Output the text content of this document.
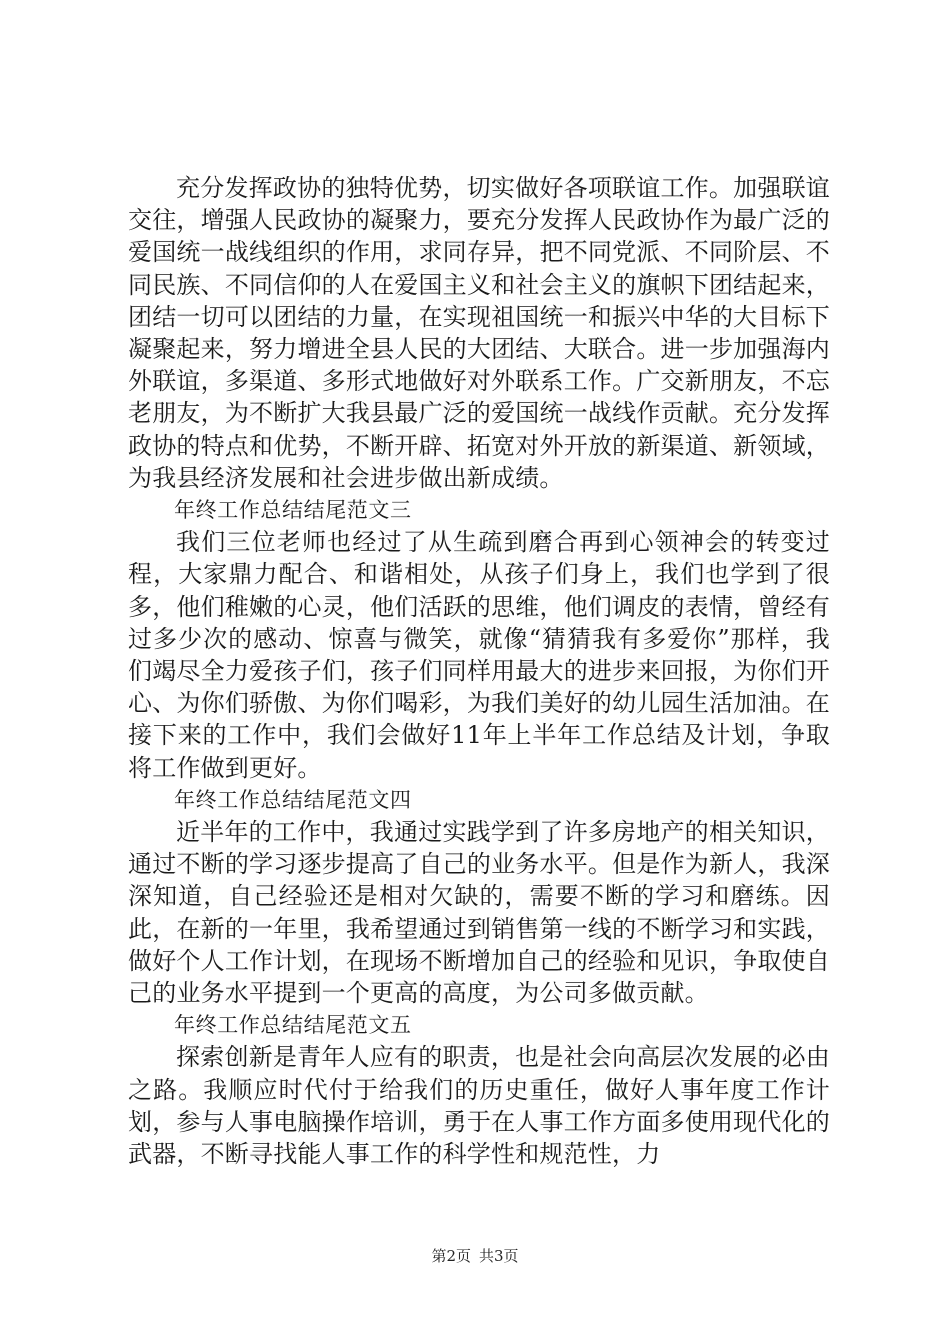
充分发挥政协的独特优势，切实做好各项联谊工作。加强联谊交往，增强人民政协的凝聚力，要充分发挥人民政协作为最广泛的爱国统一战线组织的作用，求同存异，把不同党派、不同阶层、不同民族、不同信仰的人在爱国主义和社会主义的旗帜下团结起来，团结一切可以团结的力量，在实现祖国统一和振兴中华的大目标下凝聚起来，努力增进全县人民的大团结、大联合。进一步加强海内外联谊，多渠道、多形式地做好对外联系工作。广交新朋友，不忘老朋友，为不断扩大我县最广泛的爱国统一战线作贡献。充分发挥政协的特点和优势，不断开辟、拓宽对外开放的新渠道、新领域，为我县经济发展和社会进步做出新成绩。

年终工作总结结尾范文三

我们三位老师也经过了从生疏到磨合再到心领神会的转变过程，大家鼎力配合、和谐相处，从孩子们身上，我们也学到了很多，他们稚嫩的心灵，他们活跃的思维，他们调皮的表情，曾经有过多少次的感动、惊喜与微笑，就像“猜猜我有多爱你”那样，我们竭尽全力爱孩子们，孩子们同样用最大的进步来回报，为你们开心、为你们骄傲、为你们喝彩，为我们美好的幼儿园生活加油。在接下来的工作中，我们会做好11年上半年工作总结及计划，争取将工作做到更好。

年终工作总结结尾范文四

近半年的工作中，我通过实践学到了许多房地产的相关知识，通过不断的学习逐步提高了自己的业务水平。但是作为新人，我深深知道，自己经验还是相对欠缺的，需要不断的学习和磨练。因此，在新的一年里，我希望通过到销售第一线的不断学习和实践，做好个人工作计划，在现场不断增加自己的经验和见识，争取使自己的业务水平提到一个更高的高度，为公司多做贡献。

年终工作总结结尾范文五

探索创新是青年人应有的职责，也是社会向高层次发展的必由之路。我顺应时代付于给我们的历史重任，做好人事年度工作计划，参与人事电脑操作培训，勇于在人事工作方面多使用现代化的武器，不断寻找能人事工作的科学性和规范性，力

第2页 共3页
